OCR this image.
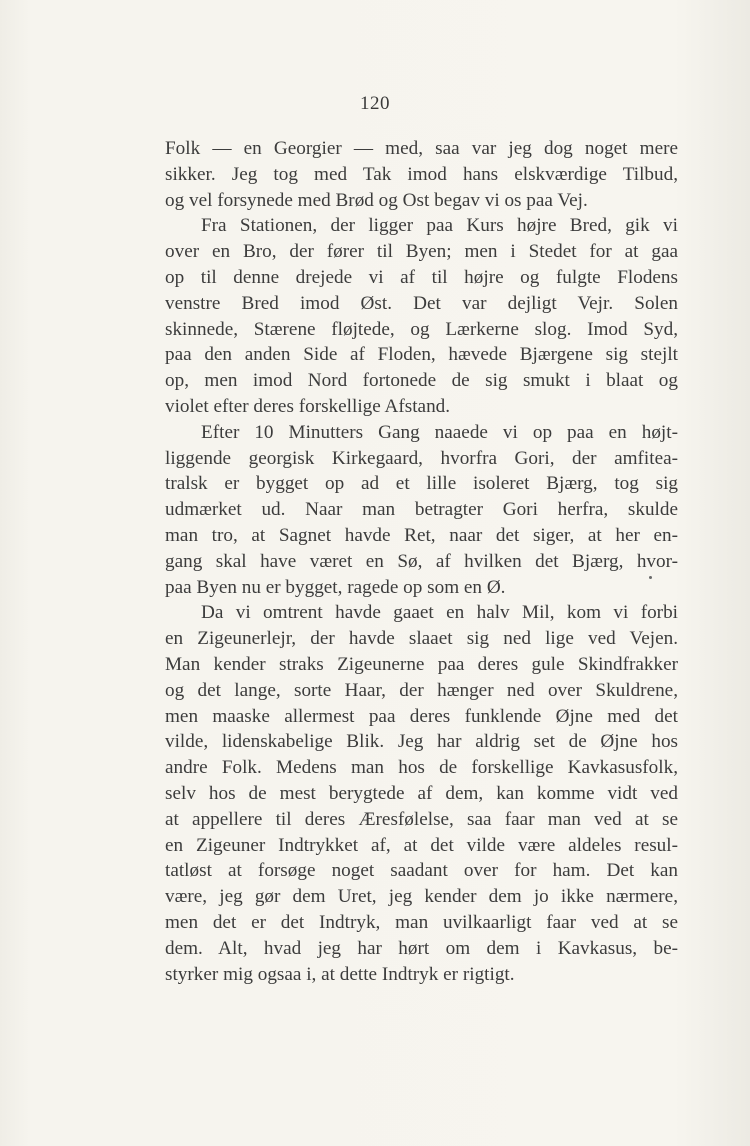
120
Folk — en Georgier — med, saa var jeg dog noget mere
sikker. Jeg tog med Tak imod hans elskværdige Tilbud,
og vel forsynede med Brød og Ost begav vi os paa Vej.
Fra Stationen, der ligger paa Kurs højre Bred, gik vi
over en Bro, der fører til Byen; men i Stedet for at gaa
op til denne drejede vi af til højre og fulgte Flodens
venstre Bred imod Øst. Det var dejligt Vejr. Solen
skinnede, Stærene fløjtede, og Lærkerne slog. Imod Syd,
paa den anden Side af Floden, hævede Bjærgene sig stejlt
op, men imod Nord fortonede de sig smukt i blaat og
violet efter deres forskellige Afstand.
Efter 10 Minutters Gang naaede vi op paa en højt-
liggende georgisk Kirkegaard, hvorfra Gori, der amfitea-
tralsk er bygget op ad et lille isoleret Bjærg, tog sig
udmærket ud. Naar man betragter Gori herfra, skulde
man tro, at Sagnet havde Ret, naar det siger, at her en-
gang skal have været en Sø, af hvilken det Bjærg, hvor-
paa Byen nu er bygget, ragede op som en Ø.
Da vi omtrent havde gaaet en halv Mil, kom vi forbi
en Zigeunerlejr, der havde slaaet sig ned lige ved Vejen.
Man kender straks Zigeunerne paa deres gule Skindfrakker
og det lange, sorte Haar, der hænger ned over Skuldrene,
men maaske allermest paa deres funklende Øjne med det
vilde, lidenskabelige Blik. Jeg har aldrig set de Øjne hos
andre Folk. Medens man hos de forskellige Kavkasusfolk,
selv hos de mest berygtede af dem, kan komme vidt ved
at appellere til deres Æresfølelse, saa faar man ved at se
en Zigeuner Indtrykket af, at det vilde være aldeles resul-
tatløst at forsøge noget saadant over for ham. Det kan
være, jeg gør dem Uret, jeg kender dem jo ikke nærmere,
men det er det Indtryk, man uvilkaarligt faar ved at se
dem. Alt, hvad jeg har hørt om dem i Kavkasus, be-
styrker mig ogsaa i, at dette Indtryk er rigtigt.
